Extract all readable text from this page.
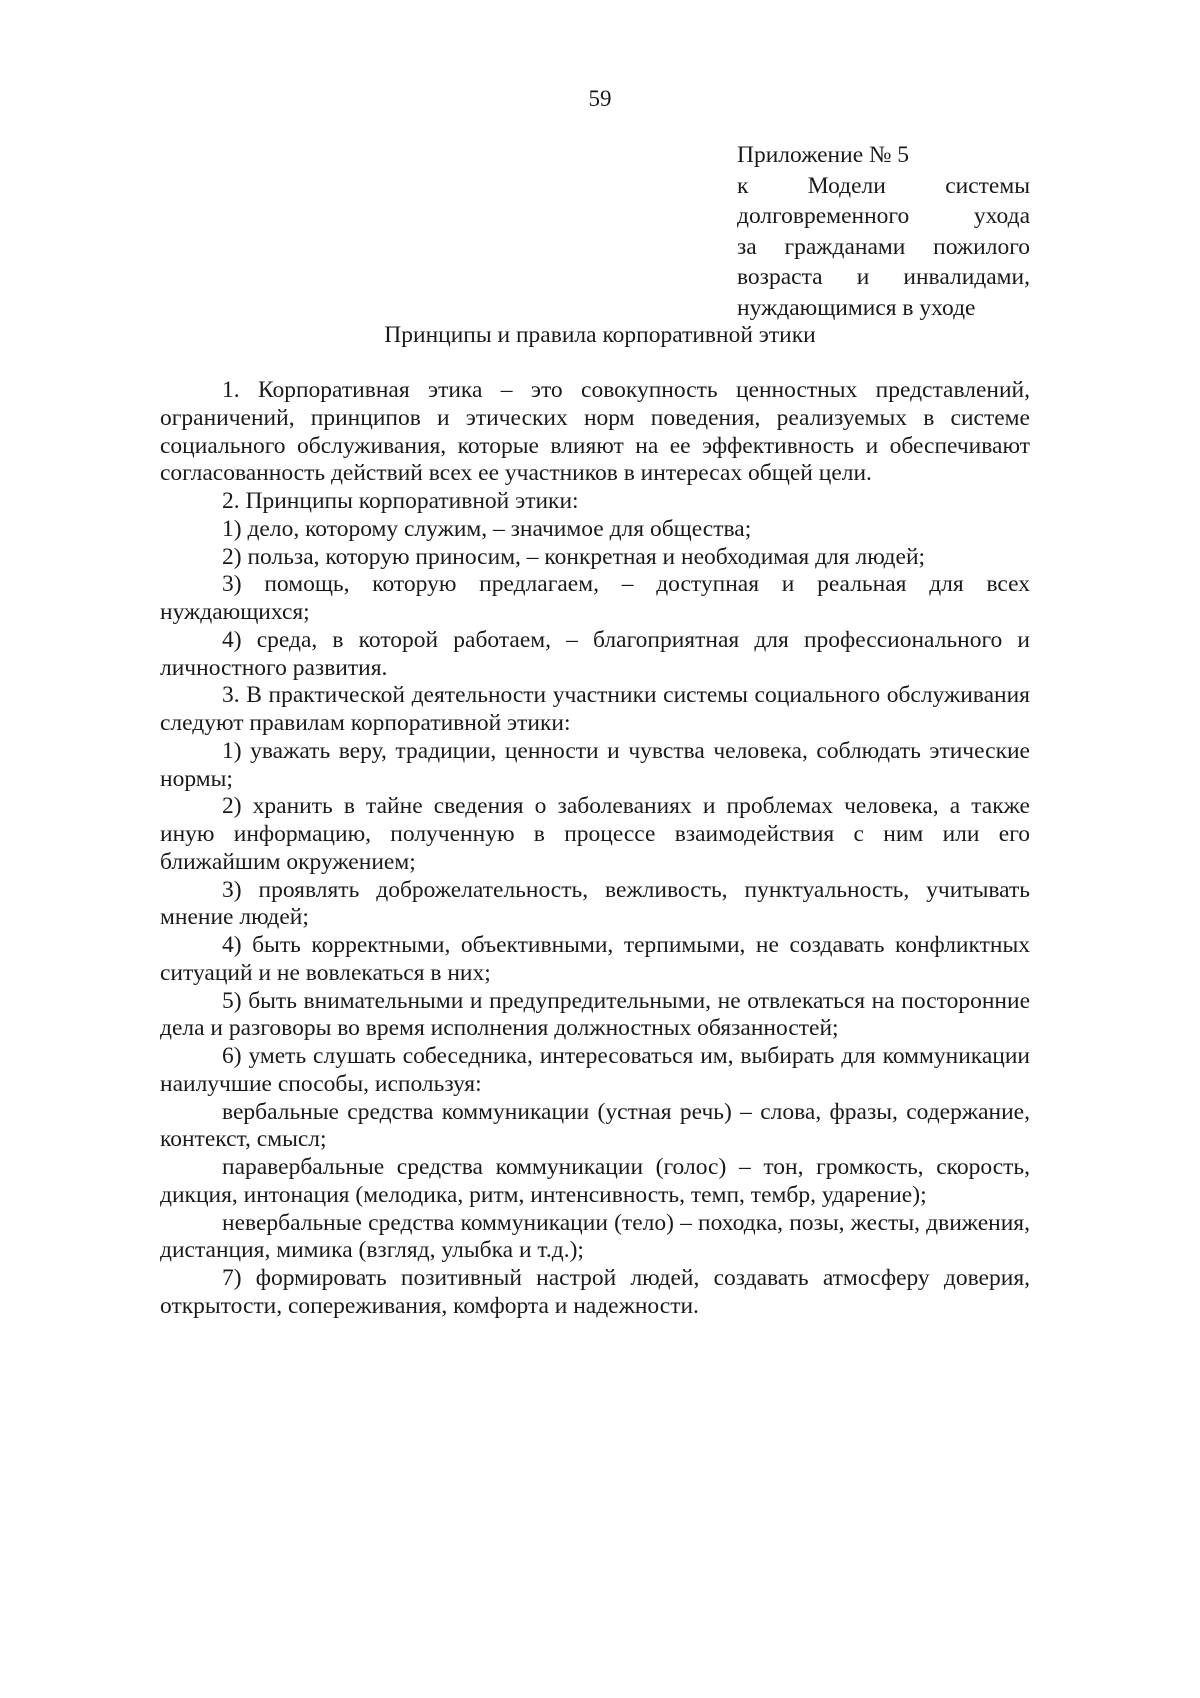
59
Приложение № 5
к Модели системы
долговременного ухода
за гражданами пожилого
возраста и инвалидами,
нуждающимися в уходе
Принципы и правила корпоративной этики

1. Корпоративная этика – это совокупность ценностных представлений, ограничений, принципов и этических норм поведения, реализуемых в системе социального обслуживания, которые влияют на ее эффективность и обеспечивают согласованность действий всех ее участников в интересах общей цели.

2. Принципы корпоративной этики:

1) дело, которому служим, – значимое для общества;

2) польза, которую приносим, – конкретная и необходимая для людей;

3) помощь, которую предлагаем, – доступная и реальная для всех нуждающихся;

4) среда, в которой работаем, – благоприятная для профессионального и личностного развития.

3. В практической деятельности участники системы социального обслуживания следуют правилам корпоративной этики:

1) уважать веру, традиции, ценности и чувства человека, соблюдать этические нормы;

2) хранить в тайне сведения о заболеваниях и проблемах человека, а также иную информацию, полученную в процессе взаимодействия с ним или его ближайшим окружением;

3) проявлять доброжелательность, вежливость, пунктуальность, учитывать мнение людей;

4) быть корректными, объективными, терпимыми, не создавать конфликтных ситуаций и не вовлекаться в них;

5) быть внимательными и предупредительными, не отвлекаться на посторонние дела и разговоры во время исполнения должностных обязанностей;

6) уметь слушать собеседника, интересоваться им, выбирать для коммуникации наилучшие способы, используя:

вербальные средства коммуникации (устная речь) – слова, фразы, содержание, контекст, смысл;

паравербальные средства коммуникации (голос) – тон, громкость, скорость, дикция, интонация (мелодика, ритм, интенсивность, темп, тембр, ударение);

невербальные средства коммуникации (тело) – походка, позы, жесты, движения, дистанция, мимика (взгляд, улыбка и т.д.);

7) формировать позитивный настрой людей, создавать атмосферу доверия, открытости, сопереживания, комфорта и надежности.
